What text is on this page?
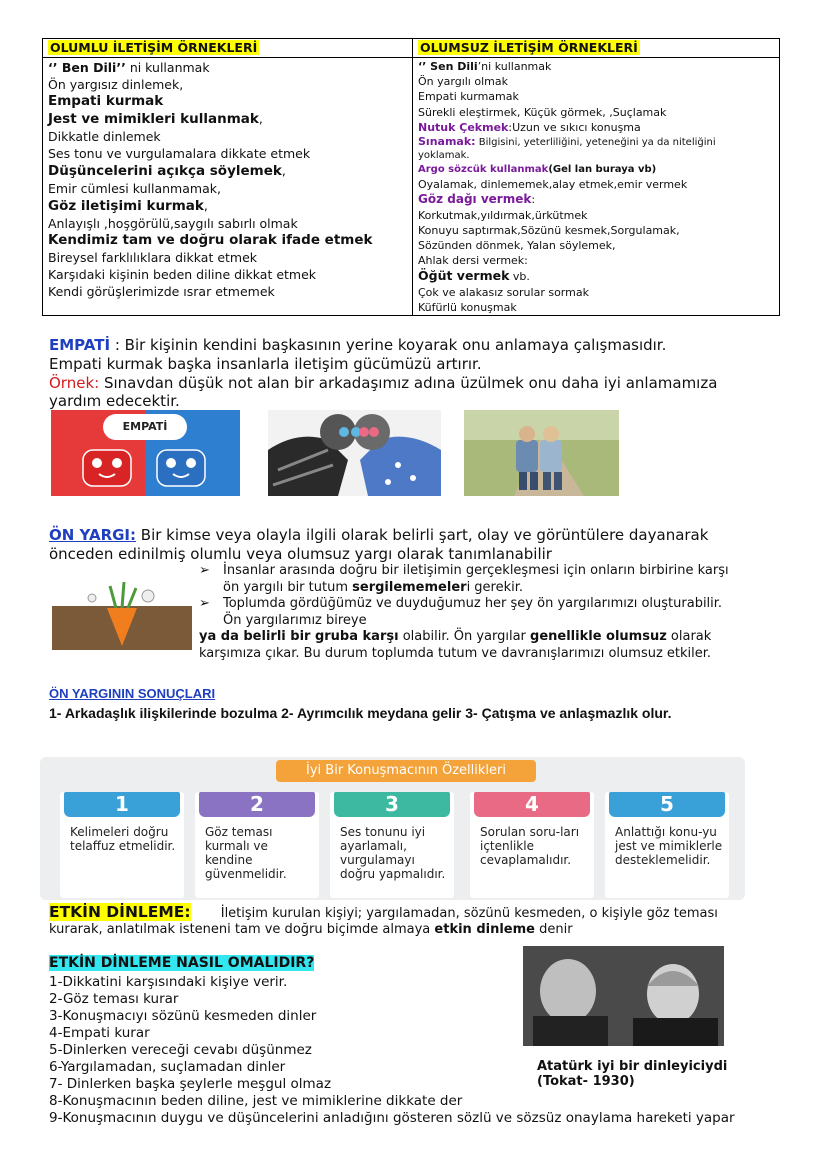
OLUMLU İLETİŞİM ÖRNEKLERİ
‘’ Ben Dili’’ ni kullanmak
Ön yargısız dinlemek,
Empati kurmak
Jest ve mimikleri kullanmak,
Dikkatle dinlemek
Ses tonu ve vurgulamalara dikkate etmek
Düşüncelerini açıkça söylemek,
Emir cümlesi kullanmamak,
Göz iletişimi kurmak,
Anlayışlı ,hoşgörülü,saygılı sabırlı olmak
Kendimiz tam ve doğru olarak ifade etmek
Bireysel farklılıklara dikkat etmek
Karşıdaki kişinin beden diline dikkat etmek
Kendi görüşlerimizde ısrar etmemek
OLUMSUZ İLETİŞİM ÖRNEKLERİ
‘’ Sen Dili’ni kullanmak
Ön yargılı olmak
Empati kurmamak
Sürekli eleştirmek, Küçük görmek, ,Suçlamak
Nutuk Çekmek:Uzun ve sıkıcı konuşma
Sınamak: Bilgisini, yeterliliğini, yeteneğini ya da niteliğini
yoklamak.
Argo sözcük kullanmak(Gel lan buraya vb)
Oyalamak, dinlememek,alay etmek,emir vermek
Göz dağı vermek:
Korkutmak,yıldırmak,ürkütmek
Konuyu saptırmak,Sözünü kesmek,Sorgulamak,
Sözünden dönmek, Yalan söylemek,
Ahlak dersi vermek:
Öğüt vermek vb.
Çok ve alakasız sorular sormak
Küfürlü konuşmak
EMPATİ : Bir kişinin kendini başkasının yerine koyarak onu anlamaya çalışmasıdır.
Empati kurmak başka insanlarla iletişim gücümüzü artırır.
Örnek: Sınavdan düşük not alan bir arkadaşımız adına üzülmek onu daha iyi anlamamıza
yardım edecektir.
EMPATİ
ÖN YARGI: Bir kimse veya olayla ilgili olarak belirli şart, olay ve görüntülere dayanarak
önceden edinilmiş olumlu veya olumsuz yargı olarak tanımlanabilir
➢	İnsanlar arasında doğru bir iletişimin gerçekleşmesi için onların birbirine karşı
ön yargılı bir tutum sergilememeleri gerekir.
➢	Toplumda gördüğümüz ve duyduğumuz her şey ön yargılarımızı oluşturabilir.
Ön yargılarımız bireye
ya da belirli bir gruba karşı olabilir. Ön yargılar genellikle olumsuz olarak
karşımıza çıkar. Bu durum toplumda tutum ve davranışlarımızı olumsuz etkiler.
ÖN YARGININ SONUÇLARI
1- Arkadaşlık ilişkilerinde bozulma 2- Ayrımcılık meydana gelir 3- Çatışma ve anlaşmazlık olur.
İyi Bir Konuşmacının Özellikleri
1
Kelimeleri doğru telaffuz etmelidir.
2
Göz teması kurmalı ve kendine güvenmelidir.
3
Ses tonunu iyi ayarlamalı, vurgulamayı doğru yapmalıdır.
4
Sorulan soru-ları içtenlikle cevaplamalıdır.
5
Anlattığı konu-yu jest ve mimiklerle desteklemelidir.
ETKİN DİNLEME: İletişim kurulan kişiyi; yargılamadan, sözünü kesmeden, o kişiyle göz teması
kurarak, anlatılmak isteneni tam ve doğru biçimde almaya etkin dinleme denir
ETKİN DİNLEME NASIL OMALIDIR?
1-Dikkatini karşısındaki kişiye verir.
2-Göz teması kurar
3-Konuşmacıyı sözünü kesmeden dinler
4-Empati kurar
5-Dinlerken vereceği cevabı düşünmez
6-Yargılamadan, suçlamadan dinler
7- Dinlerken başka şeylerle meşgul olmaz
8-Konuşmacının beden diline, jest ve mimiklerine dikkate der
9-Konuşmacının duygu ve düşüncelerini anladığını gösteren sözlü ve sözsüz onaylama hareketi yapar
Atatürk iyi bir dinleyiciydi
(Tokat- 1930)
